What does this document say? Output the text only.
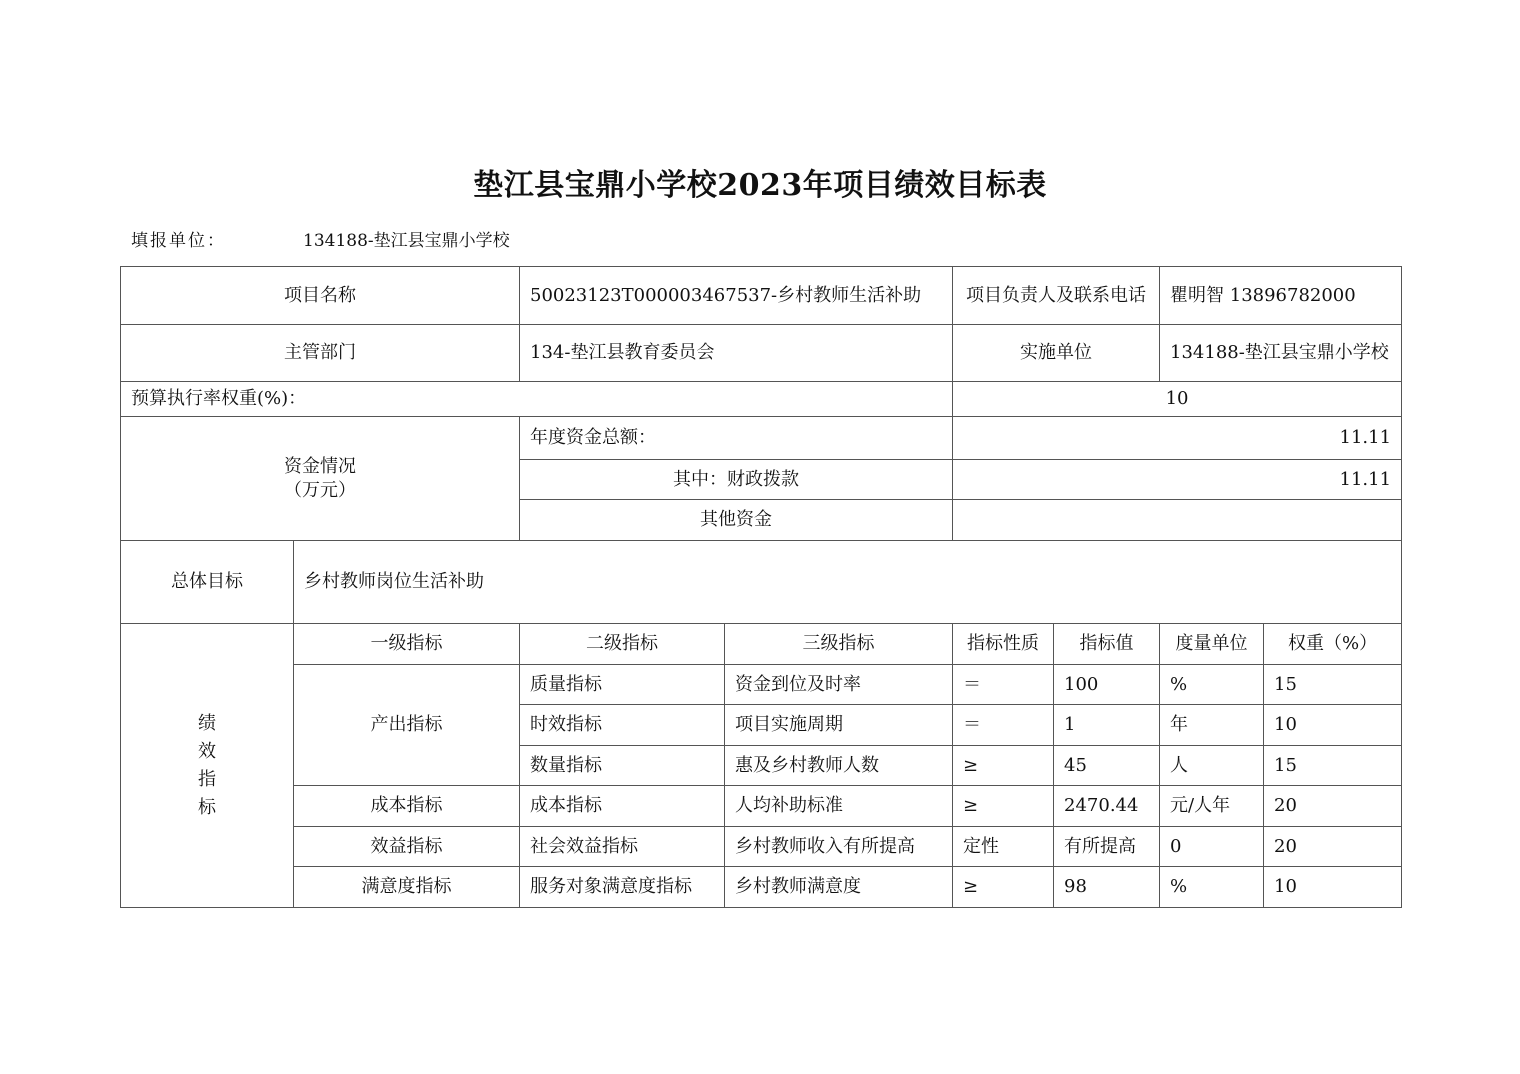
垫江县宝鼎小学校2023年项目绩效目标表
填报单位：	134188-垫江县宝鼎小学校
项目名称		50023123T000003467537-乡村教师生活补助		项目负责人及联系电话		瞿明智 13896782000	
主管部门		134-垫江县教育委员会		实施单位		134188-垫江县宝鼎小学校	
预算执行率权重(%)：				10			

资金情况
（万元）		年度资金总额：		11.11			
		其中：财政拨款		11.11			
		其他资金					
总体目标	乡村教师岗位生活补助						

绩
效
指
标	一级指标	二级指标	三级指标	指标性质	指标值	度量单位	权重（%）
	产出指标	质量指标	资金到位及时率	＝	100	%	15
		时效指标	项目实施周期	＝	1	年	10
		数量指标	惠及乡村教师人数	≥	45	人	15
	成本指标	成本指标	人均补助标准	≥	2470.44	元/人年	20
	效益指标	社会效益指标	乡村教师收入有所提高	定性	有所提高	0	20
	满意度指标	服务对象满意度指标	乡村教师满意度	≥	98	%	10
